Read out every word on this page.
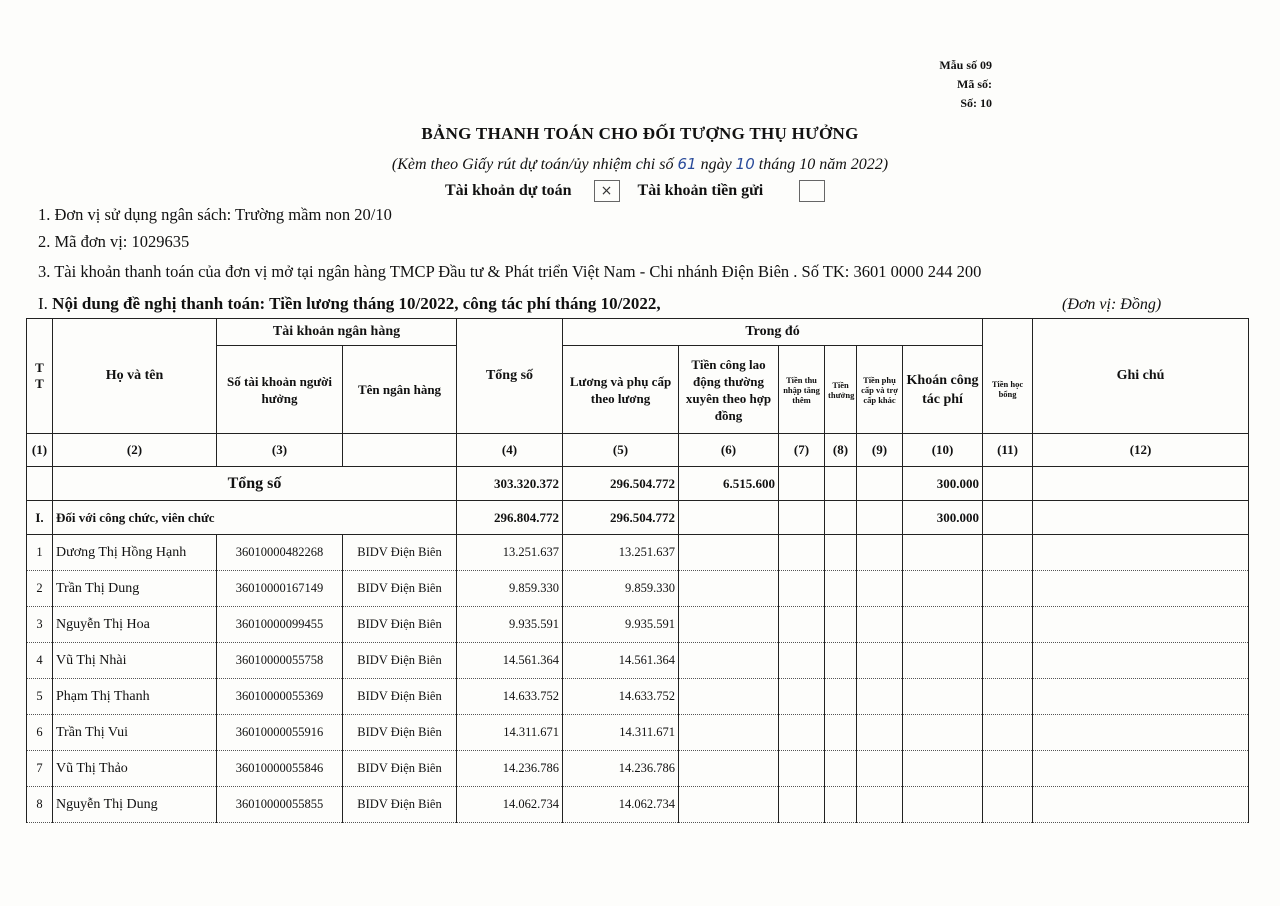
Mẫu số 09
Mã số:
Số: 10
BẢNG THANH TOÁN CHO ĐỐI TƯỢNG THỤ HƯỞNG
(Kèm theo Giấy rút dự toán/ủy nhiệm chi số 61 ngày 10 tháng 10 năm 2022)
Tài khoản dự toán	×	Tài khoản tiền gửi
1. Đơn vị sử dụng ngân sách: Trường mầm non 20/10
2. Mã đơn vị: 1029635
3. Tài khoản thanh toán của đơn vị mở tại ngân hàng TMCP Đầu tư & Phát triển Việt Nam - Chi nhánh Điện Biên . Số TK: 3601 0000 244 200
I. Nội dung đề nghị thanh toán: Tiền lương tháng 10/2022, công tác phí tháng 10/2022,	(Đơn vị: Đồng)
T T	Họ và tên	Tài khoản ngân hàng		Tổng số	Trong đó							Ghi chú
		Số tài khoản người hưởng	Tên ngân hàng		Lương và phụ cấp theo lương	Tiền công lao động thường xuyên theo hợp đồng	Tiền thu nhập tăng thêm	Tiền thưởng	Tiền phụ cấp và trợ cấp khác	Khoán công tác phí	Tiền học bổng	
(1)	(2)	(3)		(4)	(5)	(6)	(7)	(8)	(9)	(10)	(11)	(12)
	Tổng số			303.320.372	296.504.772	6.515.600				300.000		
I.	Đối với công chức, viên chức			296.804.772	296.504.772					300.000		
1	Dương Thị Hồng Hạnh	36010000482268	BIDV Điện Biên	13.251.637	13.251.637							
2	Trần Thị Dung	36010000167149	BIDV Điện Biên	9.859.330	9.859.330							
3	Nguyễn Thị Hoa	36010000099455	BIDV Điện Biên	9.935.591	9.935.591							
4	Vũ Thị Nhài	36010000055758	BIDV Điện Biên	14.561.364	14.561.364							
5	Phạm Thị Thanh	36010000055369	BIDV Điện Biên	14.633.752	14.633.752							
6	Trần Thị Vui	36010000055916	BIDV Điện Biên	14.311.671	14.311.671							
7	Vũ Thị Thảo	36010000055846	BIDV Điện Biên	14.236.786	14.236.786							
8	Nguyễn Thị Dung	36010000055855	BIDV Điện Biên	14.062.734	14.062.734							
